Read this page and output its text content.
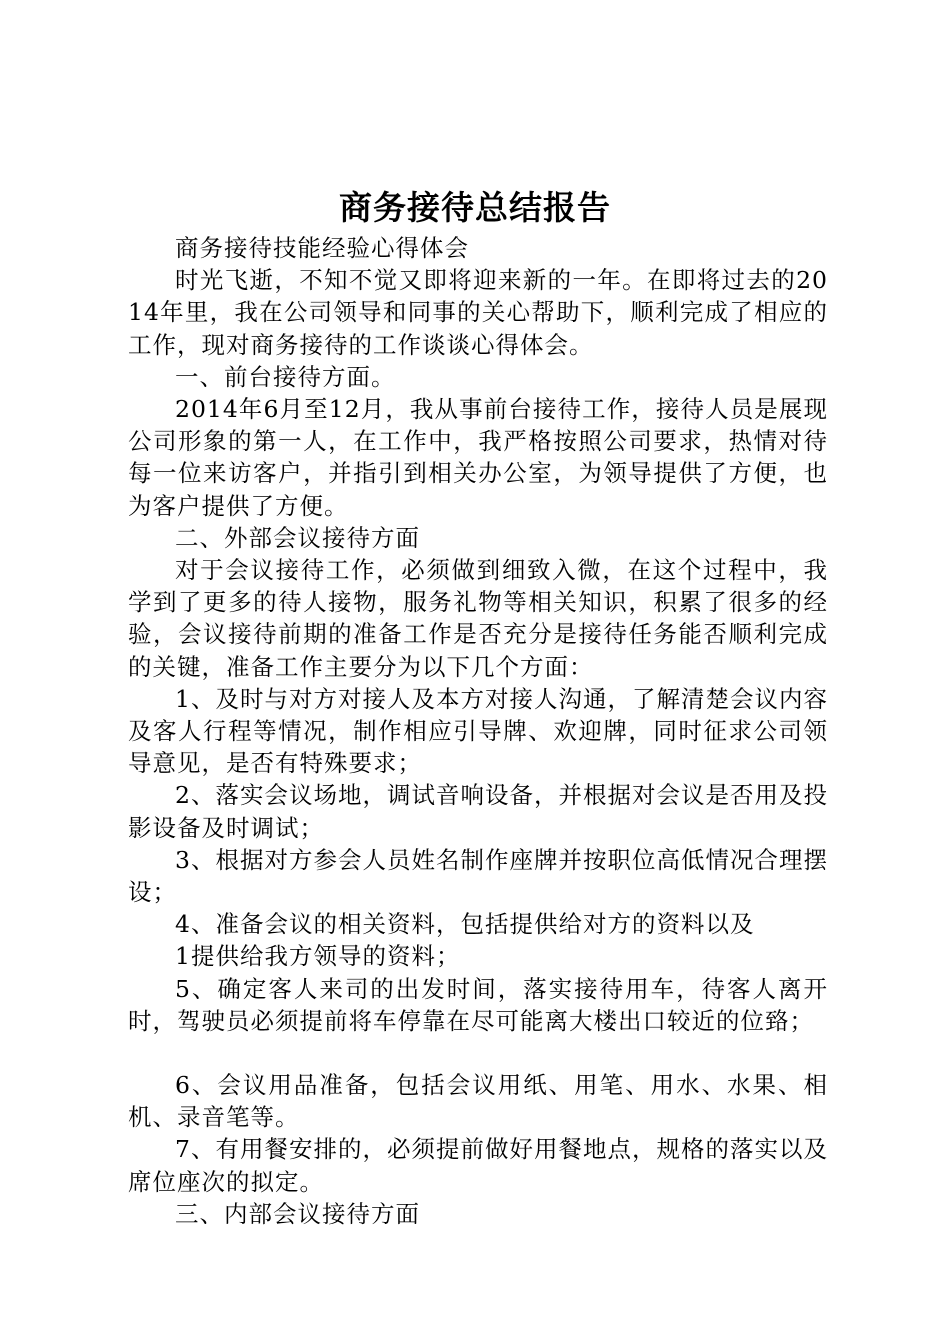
商务接待总结报告

商务接待技能经验心得体会

时光飞逝，不知不觉又即将迎来新的一年。在即将过去的2014年里，我在公司领导和同事的关心帮助下，顺利完成了相应的工作，现对商务接待的工作谈谈心得体会。

一、前台接待方面。

2014年6月至12月，我从事前台接待工作，接待人员是展现公司形象的第一人，在工作中，我严格按照公司要求，热情对待每一位来访客户，并指引到相关办公室，为领导提供了方便，也为客户提供了方便。

二、外部会议接待方面

对于会议接待工作，必须做到细致入微，在这个过程中，我学到了更多的待人接物，服务礼物等相关知识，积累了很多的经验，会议接待前期的准备工作是否充分是接待任务能否顺利完成的关键，准备工作主要分为以下几个方面：

1、及时与对方对接人及本方对接人沟通，了解清楚会议内容及客人行程等情况，制作相应引导牌、欢迎牌，同时征求公司领导意见，是否有特殊要求；

2、落实会议场地，调试音响设备，并根据对会议是否用及投影设备及时调试；

3、根据对方参会人员姓名制作座牌并按职位高低情况合理摆设；

4、准备会议的相关资料，包括提供给对方的资料以及

1提供给我方领导的资料；

5、确定客人来司的出发时间，落实接待用车，待客人离开时，驾驶员必须提前将车停靠在尽可能离大楼出口较近的位臵；

6、会议用品准备，包括会议用纸、用笔、用水、水果、相机、录音笔等。

7、有用餐安排的，必须提前做好用餐地点，规格的落实以及席位座次的拟定。

三、内部会议接待方面
